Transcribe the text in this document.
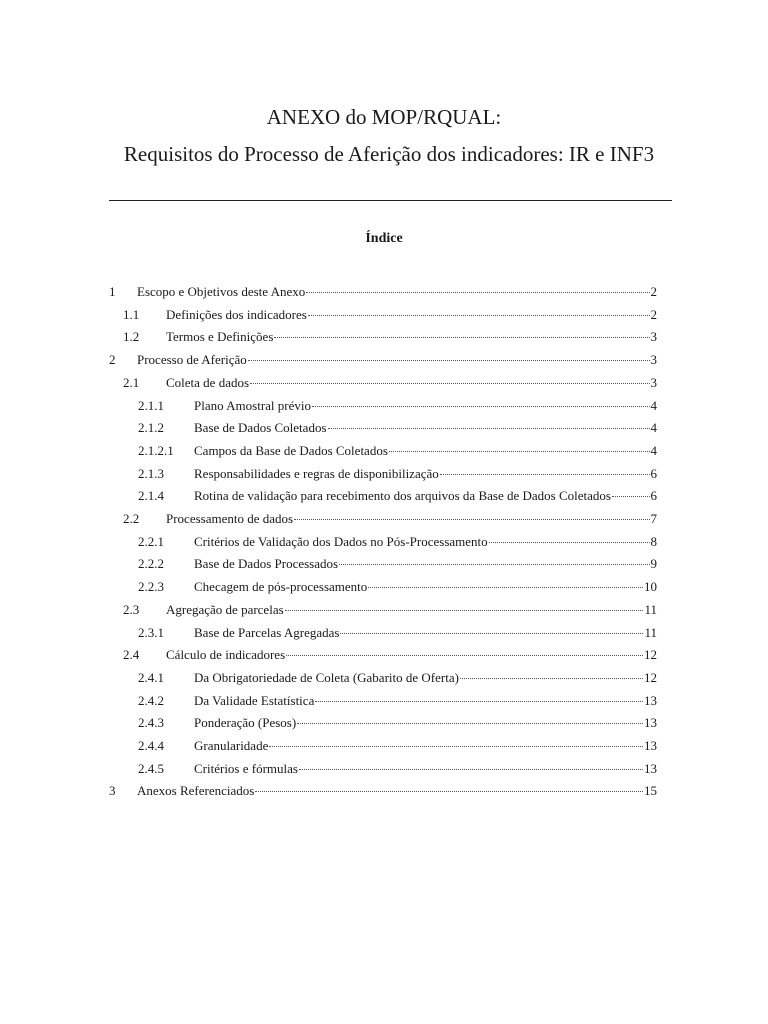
ANEXO do MOP/RQUAL:
Requisitos do Processo de Aferição dos indicadores: IR e INF3
Índice
1	Escopo e Objetivos deste Anexo	2
1.1	Definições dos indicadores	2
1.2	Termos e Definições	3
2	Processo de Aferição	3
2.1	Coleta de dados	3
2.1.1	Plano Amostral prévio	4
2.1.2	Base de Dados Coletados	4
2.1.2.1	Campos da Base de Dados Coletados	4
2.1.3	Responsabilidades e regras de disponibilização	6
2.1.4	Rotina de validação para recebimento dos arquivos da Base de Dados Coletados	6
2.2	Processamento de dados	7
2.2.1	Critérios de Validação dos Dados no Pós-Processamento	8
2.2.2	Base de Dados Processados	9
2.2.3	Checagem de pós-processamento	10
2.3	Agregação de parcelas	11
2.3.1	Base de Parcelas Agregadas	11
2.4	Cálculo de indicadores	12
2.4.1	Da Obrigatoriedade de Coleta (Gabarito de Oferta)	12
2.4.2	Da Validade Estatística	13
2.4.3	Ponderação (Pesos)	13
2.4.4	Granularidade	13
2.4.5	Critérios e fórmulas	13
3	Anexos Referenciados	15
